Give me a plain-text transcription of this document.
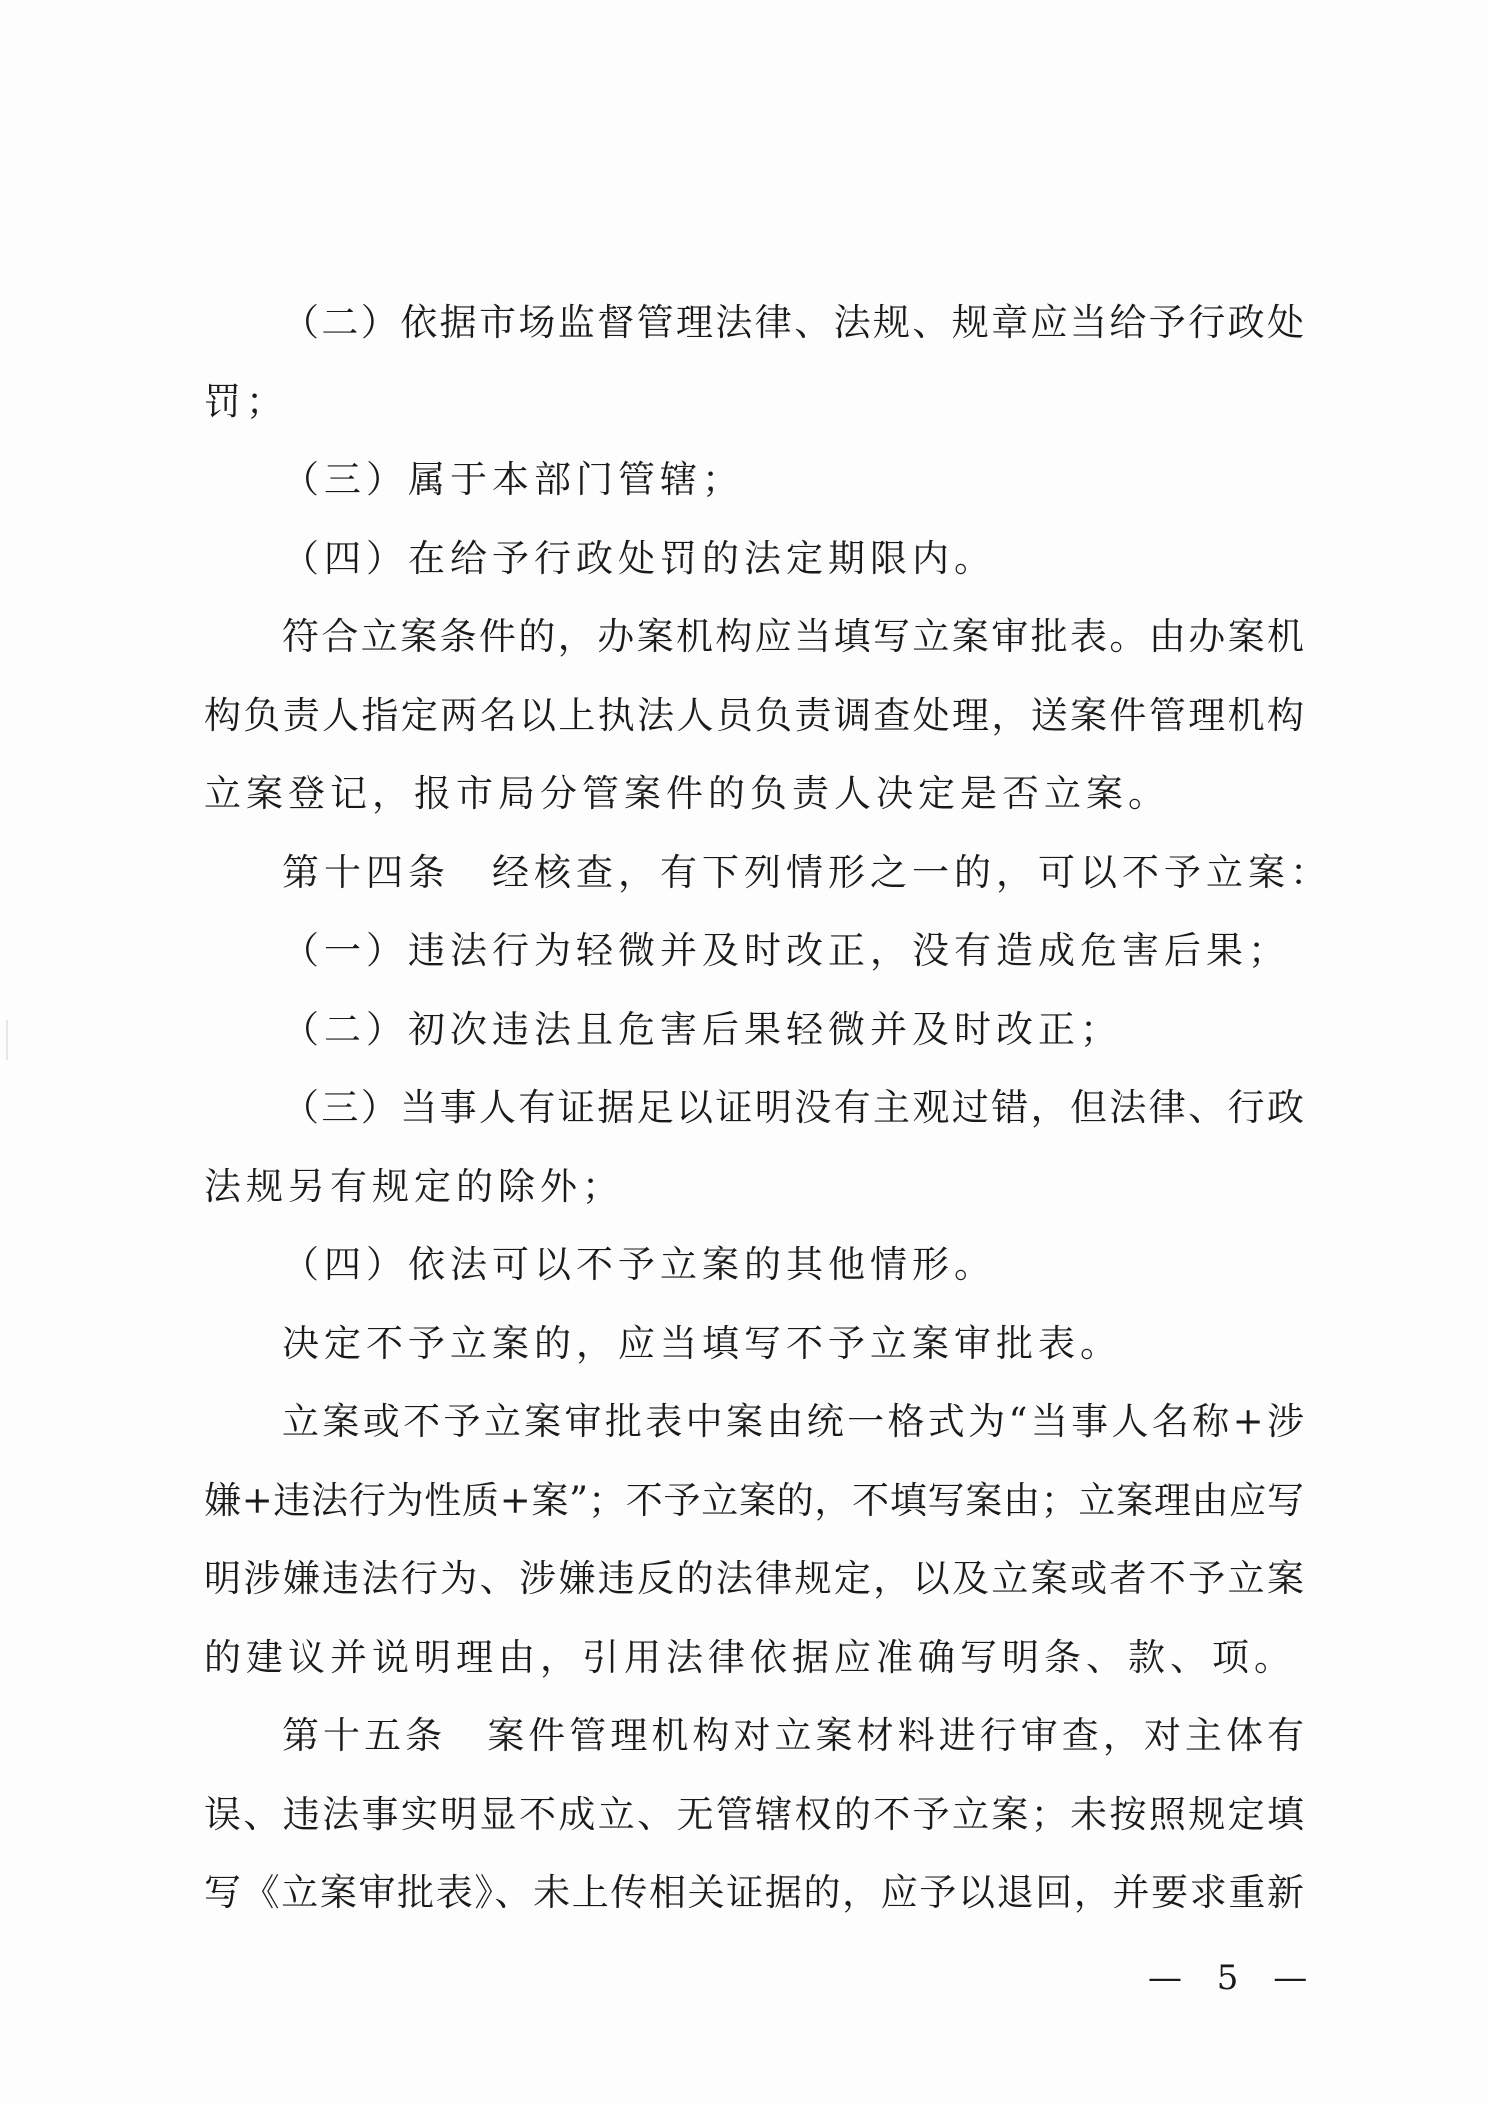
（二）依据市场监督管理法律、法规、规章应当给予行政处
罚；
（三）属于本部门管辖；
（四）在给予行政处罚的法定期限内。
符合立案条件的，办案机构应当填写立案审批表。由办案机
构负责人指定两名以上执法人员负责调查处理，送案件管理机构
立案登记，报市局分管案件的负责人决定是否立案。
第十四条　经核查，有下列情形之一的，可以不予立案：
（一）违法行为轻微并及时改正，没有造成危害后果；
（二）初次违法且危害后果轻微并及时改正；
（三）当事人有证据足以证明没有主观过错，但法律、行政
法规另有规定的除外；
（四）依法可以不予立案的其他情形。
决定不予立案的，应当填写不予立案审批表。
立案或不予立案审批表中案由统一格式为“当事人名称+涉
嫌+违法行为性质+案”；不予立案的，不填写案由；立案理由应写
明涉嫌违法行为、涉嫌违反的法律规定，以及立案或者不予立案
的建议并说明理由，引用法律依据应准确写明条、款、项。
第十五条　案件管理机构对立案材料进行审查，对主体有
误、违法事实明显不成立、无管辖权的不予立案；未按照规定填
写《立案审批表》、未上传相关证据的，应予以退回，并要求重新
— 5 —
